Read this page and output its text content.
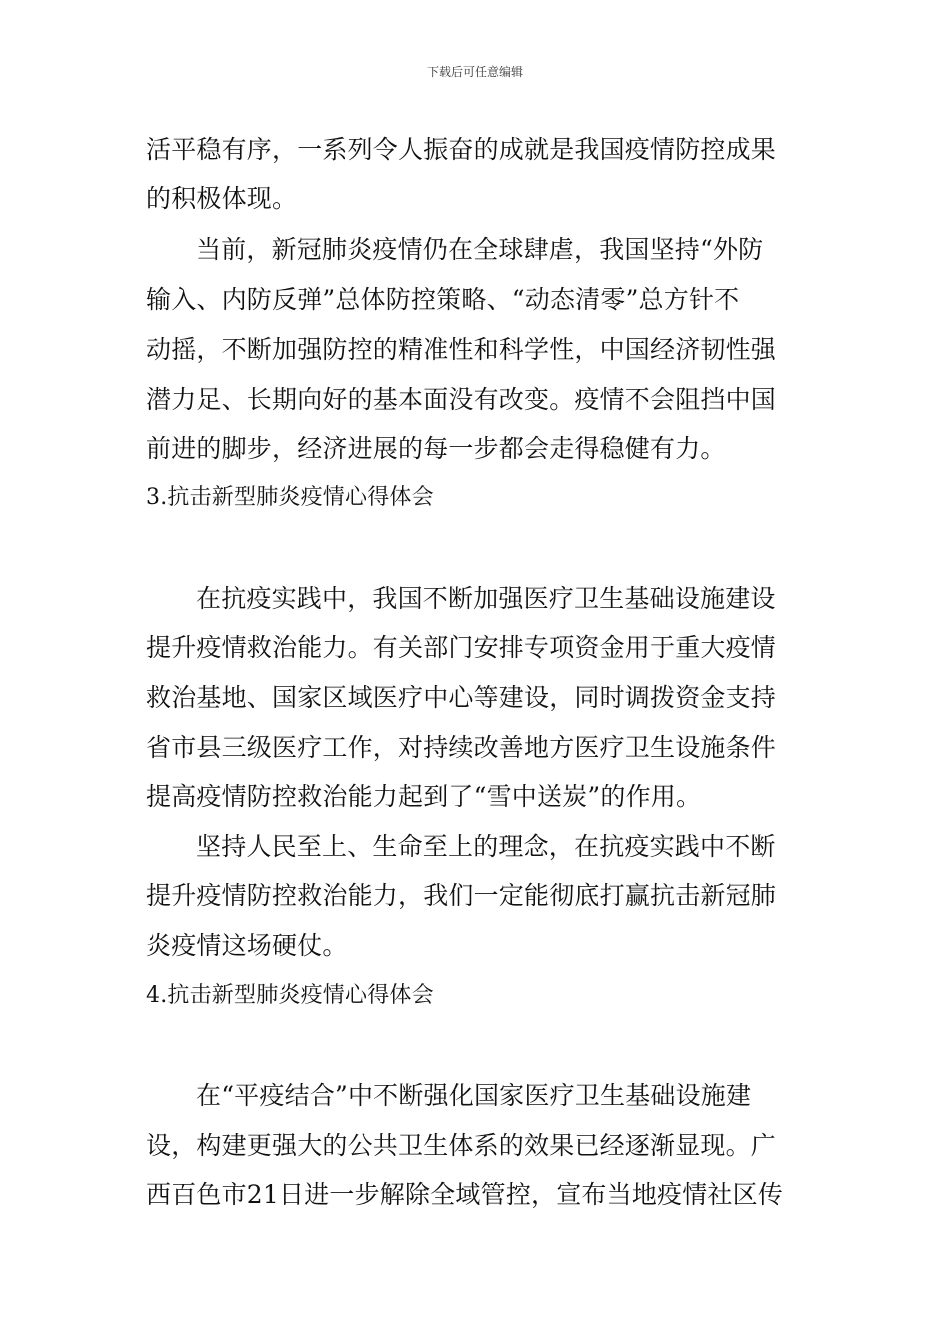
下载后可任意编辑
活平稳有序，一系列令人振奋的成就是我国疫情防控成果
的积极体现。
当前，新冠肺炎疫情仍在全球肆虐，我国坚持“外防
输入、内防反弹”总体防控策略、“动态清零”总方针不
动摇，不断加强防控的精准性和科学性，中国经济韧性强
潜力足、长期向好的基本面没有改变。疫情不会阻挡中国
前进的脚步，经济进展的每一步都会走得稳健有力。
3.抗击新型肺炎疫情心得体会
在抗疫实践中，我国不断加强医疗卫生基础设施建设
提升疫情救治能力。有关部门安排专项资金用于重大疫情
救治基地、国家区域医疗中心等建设，同时调拨资金支持
省市县三级医疗工作，对持续改善地方医疗卫生设施条件
提高疫情防控救治能力起到了“雪中送炭”的作用。
坚持人民至上、生命至上的理念，在抗疫实践中不断
提升疫情防控救治能力，我们一定能彻底打赢抗击新冠肺
炎疫情这场硬仗。
4.抗击新型肺炎疫情心得体会
在“平疫结合”中不断强化国家医疗卫生基础设施建
设，构建更强大的公共卫生体系的效果已经逐渐显现。广
西百色市21日进一步解除全域管控，宣布当地疫情社区传
